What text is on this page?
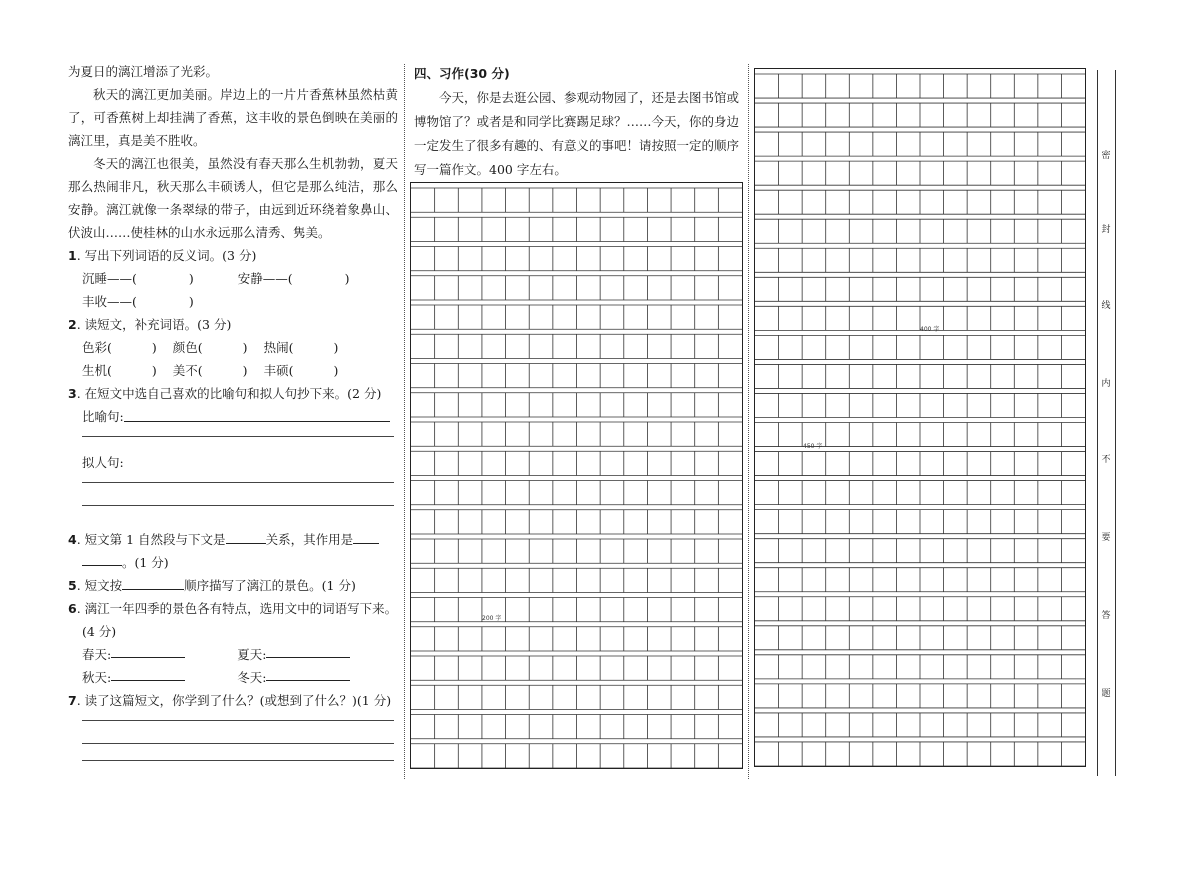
为夏日的漓江增添了光彩。

秋天的漓江更加美丽。岸边上的一片片香蕉林虽然枯黄了，可香蕉树上却挂满了香蕉，这丰收的景色倒映在美丽的漓江里，真是美不胜收。

冬天的漓江也很美，虽然没有春天那么生机勃勃，夏天那么热闹非凡，秋天那么丰硕诱人，但它是那么纯洁，那么安静。漓江就像一条翠绿的带子，由远到近环绕着象鼻山、伏波山……使桂林的山水永远那么清秀、隽美。

1. 写出下列词语的反义词。(3 分)

沉睡——(	)	安静——(	)
丰收——(	)

2. 读短文，补充词语。(3 分)

色彩(	) 颜色(	) 热闹(	)
生机(	) 美不(	) 丰硕(	)

3. 在短文中选自己喜欢的比喻句和拟人句抄下来。(2 分)

比喻句:
拟人句:

4. 短文第 1 自然段与下文是	关系，其作用是

。(1 分)

5. 短文按	顺序描写了漓江的景色。(1 分)

6. 漓江一年四季的景色各有特点，选用文中的词语写下来。

(4 分)
春天:	夏天:
秋天:	冬天:

7. 读了这篇短文，你学到了什么？(或想到了什么？)(1 分)

四、习作(30 分)

今天，你是去逛公园、参观动物园了，还是去图书馆或博物馆了？或者是和同学比赛踢足球？……今天，你的身边一定发生了很多有趣的、有意义的事吧！请按照一定的顺序写一篇作文。400 字左右。

200 字
400 字
450 字
密
封
线
内
不
要
答
题
